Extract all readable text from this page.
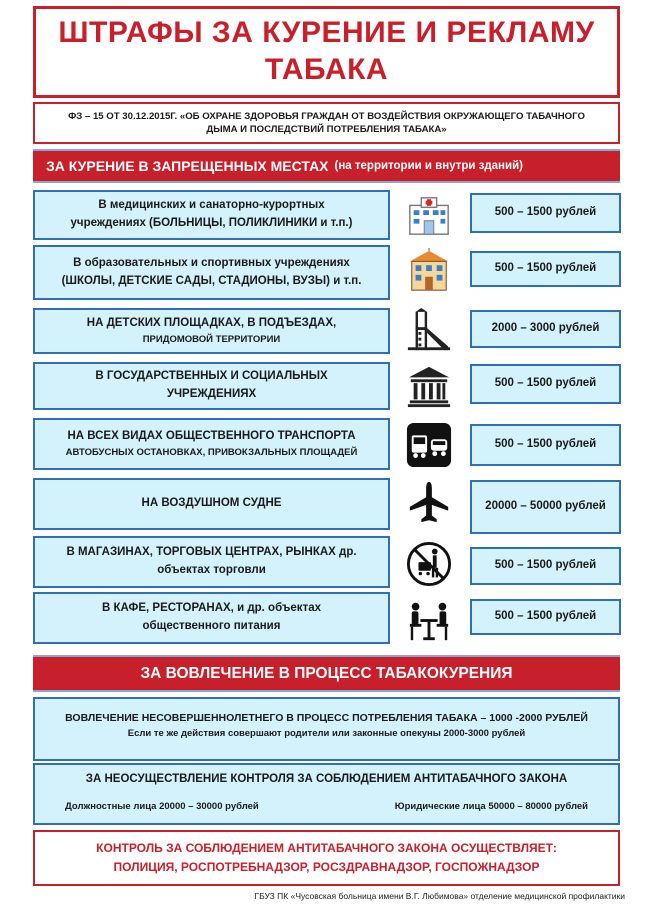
ШТРАФЫ ЗА КУРЕНИЕ И РЕКЛАМУ ТАБАКА
ФЗ – 15 ОТ 30.12.2015Г. «ОБ ОХРАНЕ ЗДОРОВЬЯ ГРАЖДАН ОТ ВОЗДЕЙСТВИЯ ОКРУЖАЮЩЕГО ТАБАЧНОГО ДЫМА И ПОСЛЕДСТВИЙ ПОТРЕБЛЕНИЯ ТАБАКА»
ЗА КУРЕНИЕ В ЗАПРЕЩЕННЫХ МЕСТАХ (на территории и внутри зданий)
В медицинских и санаторно-курортных
учреждениях (БОЛЬНИЦЫ, ПОЛИКЛИНИКИ и т.п.)
500 – 1500 рублей
В образовательных и спортивных учреждениях
(ШКОЛЫ, ДЕТСКИЕ САДЫ, СТАДИОНЫ, ВУЗЫ) и т.п.
500 – 1500 рублей
НА ДЕТСКИХ ПЛОЩАДКАХ, В ПОДЪЕЗДАХ,

ПРИДОМОВОЙ ТЕРРИТОРИИ
2000 – 3000 рублей
В ГОСУДАРСТВЕННЫХ И СОЦИАЛЬНЫХ
УЧРЕЖДЕНИЯХ
500 – 1500 рублей
НА ВСЕХ ВИДАХ ОБЩЕСТВЕННОГО ТРАНСПОРТА

АВТОБУСНЫХ ОСТАНОВКАХ, ПРИВОКЗАЛЬНЫХ ПЛОЩАДЕЙ
500 – 1500 рублей
НА ВОЗДУШНОМ СУДНЕ	20000 – 50000 рублей
В МАГАЗИНАХ, ТОРГОВЫХ ЦЕНТРАХ, РЫНКАХ др.
объектах торговли	500 – 1500 рублей
В КАФЕ, РЕСТОРАНАХ, и др. объектах
общественного питания
500 – 1500 рублей
ЗА ВОВЛЕЧЕНИЕ В ПРОЦЕСС ТАБАКОКУРЕНИЯ
ВОВЛЕЧЕНИЕ НЕСОВЕРШЕННОЛЕТНЕГО В ПРОЦЕСС ПОТРЕБЛЕНИЯ ТАБАКА – 1000 -2000 РУБЛЕЙ
Если те же действия совершают родители или законные опекуны 2000-3000 рублей
ЗА НЕОСУЩЕСТВЛЕНИЕ КОНТРОЛЯ ЗА СОБЛЮДЕНИЕМ АНТИТАБАЧНОГО ЗАКОНА
Должностные лица 20000 – 30000 рублей	Юридические лица 50000 – 80000 рублей
КОНТРОЛЬ ЗА СОБЛЮДЕНИЕМ АНТИТАБАЧНОГО ЗАКОНА ОСУЩЕСТВЛЯЕТ:
ПОЛИЦИЯ, РОСПОТРЕБНАДЗОР, РОСЗДРАВНАДЗОР, ГОСПОЖНАДЗОР
ГБУЗ ПК «Чусовская больница имени В.Г. Любимова» отделение медицинской профилактики
